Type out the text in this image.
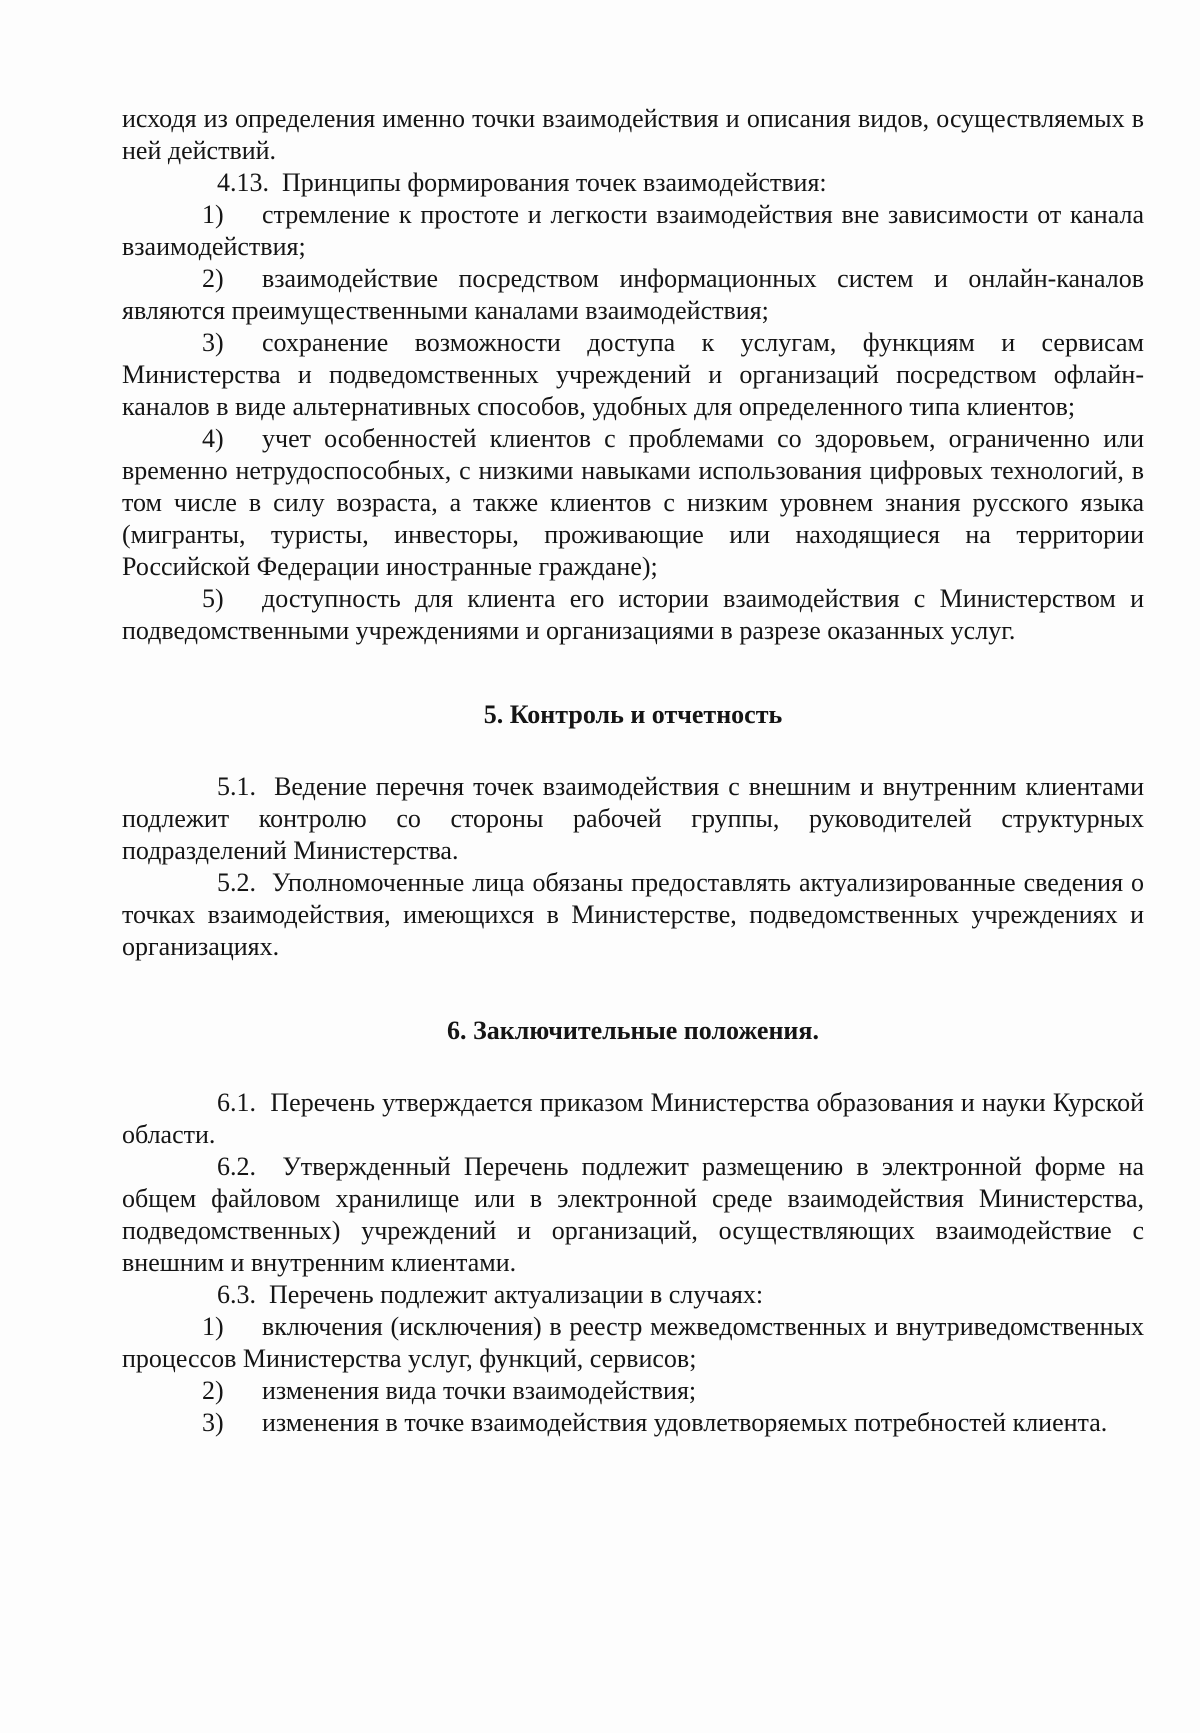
исходя из определения именно точки взаимодействия и описания видов, осуществляемых в ней действий.

4.13. Принципы формирования точек взаимодействия:

1) стремление к простоте и легкости взаимодействия вне зависимости от канала взаимодействия;

2) взаимодействие посредством информационных систем и онлайн-каналов являются преимущественными каналами взаимодействия;

3) сохранение возможности доступа к услугам, функциям и сервисам Министерства и подведомственных учреждений и организаций посредством офлайн-каналов в виде альтернативных способов, удобных для определенного типа клиентов;

4) учет особенностей клиентов с проблемами со здоровьем, ограниченно или временно нетрудоспособных, с низкими навыками использования цифровых технологий, в том числе в силу возраста, а также клиентов с низким уровнем знания русского языка (мигранты, туристы, инвесторы, проживающие или находящиеся на территории Российской Федерации иностранные граждане);

5) доступность для клиента его истории взаимодействия с Министерством и подведомственными учреждениями и организациями в разрезе оказанных услуг.

5. Контроль и отчетность

5.1. Ведение перечня точек взаимодействия с внешним и внутренним клиентами подлежит контролю со стороны рабочей группы, руководителей структурных подразделений Министерства.

5.2. Уполномоченные лица обязаны предоставлять актуализированные сведения о точках взаимодействия, имеющихся в Министерстве, подведомственных учреждениях и организациях.

6. Заключительные положения.

6.1. Перечень утверждается приказом Министерства образования и науки Курской области.

6.2. Утвержденный Перечень подлежит размещению в электронной форме на общем файловом хранилище или в электронной среде взаимодействия Министерства, подведомственных) учреждений и организаций, осуществляющих взаимодействие с внешним и внутренним клиентами.

6.3. Перечень подлежит актуализации в случаях:

1) включения (исключения) в реестр межведомственных и внутриведомственных процессов Министерства услуг, функций, сервисов;

2) изменения вида точки взаимодействия;

3) изменения в точке взаимодействия удовлетворяемых потребностей клиента.
